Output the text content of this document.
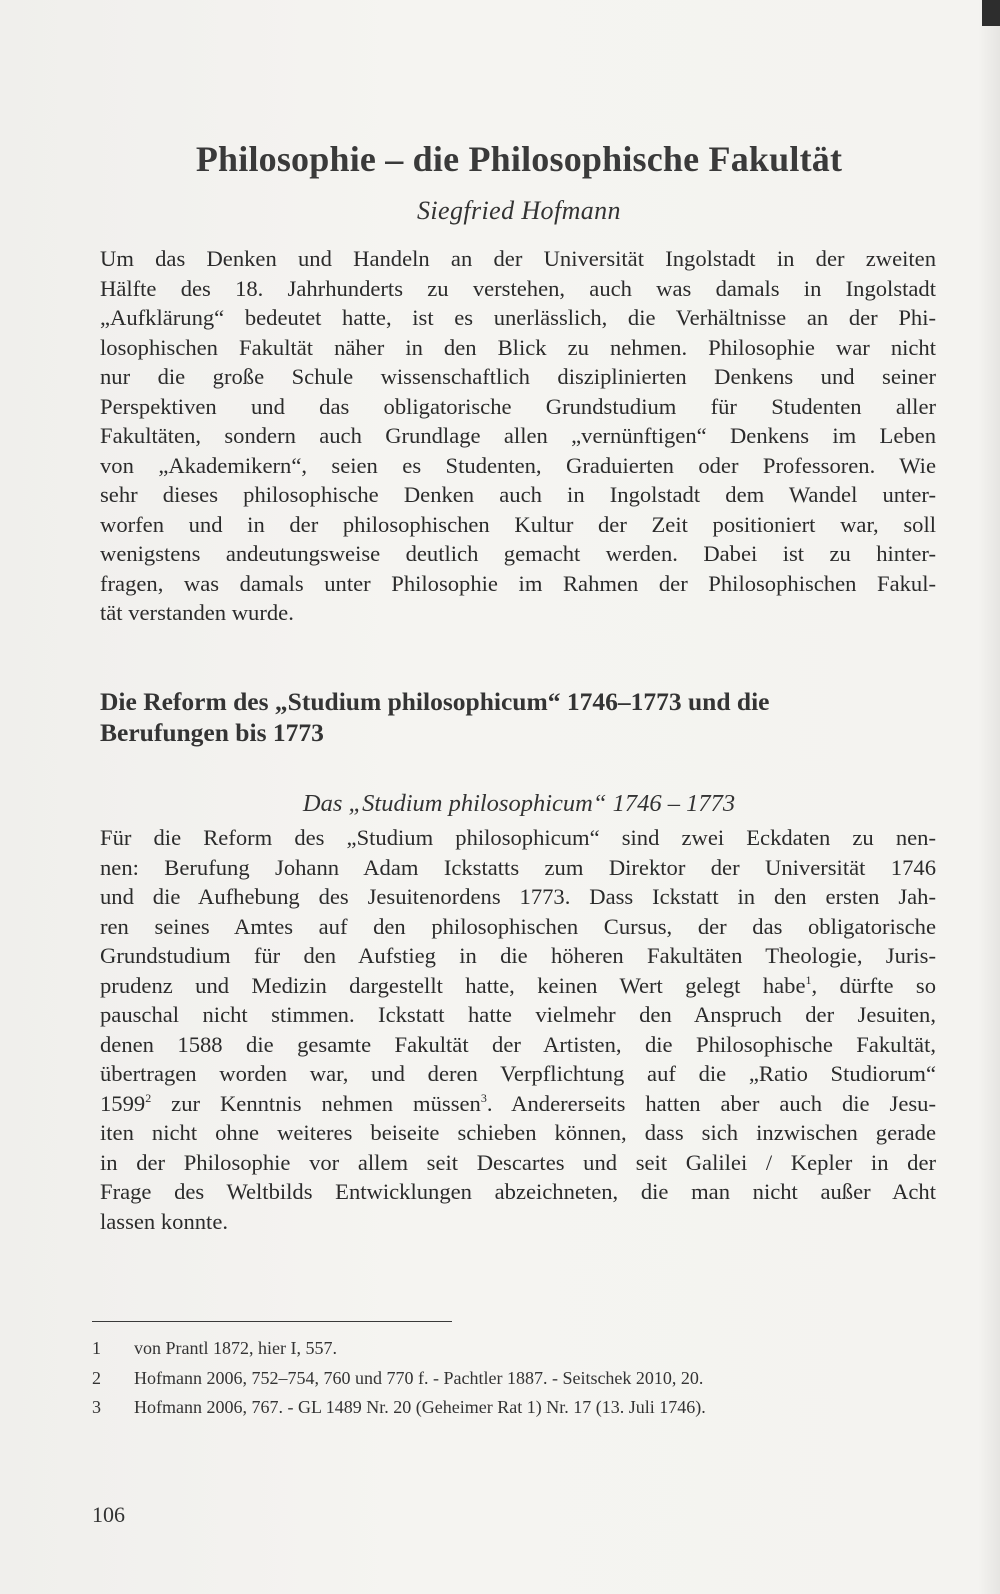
Philosophie – die Philosophische Fakultät
Siegfried Hofmann
Um das Denken und Handeln an der Universität Ingolstadt in der zweiten
Hälfte des 18. Jahrhunderts zu verstehen, auch was damals in Ingolstadt
„Aufklärung“ bedeutet hatte, ist es unerlässlich, die Verhältnisse an der Phi-
losophischen Fakultät näher in den Blick zu nehmen. Philosophie war nicht
nur die große Schule wissenschaftlich disziplinierten Denkens und seiner
Perspektiven und das obligatorische Grundstudium für Studenten aller
Fakultäten, sondern auch Grundlage allen „vernünftigen“ Denkens im Leben
von „Akademikern“, seien es Studenten, Graduierten oder Professoren. Wie
sehr dieses philosophische Denken auch in Ingolstadt dem Wandel unter-
worfen und in der philosophischen Kultur der Zeit positioniert war, soll
wenigstens andeutungsweise deutlich gemacht werden. Dabei ist zu hinter-
fragen, was damals unter Philosophie im Rahmen der Philosophischen Fakul-
tät verstanden wurde.
Die Reform des „Studium philosophicum“ 1746–1773 und die
Berufungen bis 1773
Das „Studium philosophicum“ 1746 – 1773
Für die Reform des „Studium philosophicum“ sind zwei Eckdaten zu nen-
nen: Berufung Johann Adam Ickstatts zum Direktor der Universität 1746
und die Aufhebung des Jesuitenordens 1773. Dass Ickstatt in den ersten Jah-
ren seines Amtes auf den philosophischen Cursus, der das obligatorische
Grundstudium für den Aufstieg in die höheren Fakultäten Theologie, Juris-
prudenz und Medizin dargestellt hatte, keinen Wert gelegt habe$^1$, dürfte so
pauschal nicht stimmen. Ickstatt hatte vielmehr den Anspruch der Jesuiten,
denen 1588 die gesamte Fakultät der Artisten, die Philosophische Fakultät,
übertragen worden war, und deren Verpflichtung auf die „Ratio Studiorum“
1599$^2$ zur Kenntnis nehmen müssen$^3$. Andererseits hatten aber auch die Jesu-
iten nicht ohne weiteres beiseite schieben können, dass sich inzwischen gerade
in der Philosophie vor allem seit Descartes und seit Galilei / Kepler in der
Frage des Weltbilds Entwicklungen abzeichneten, die man nicht außer Acht
lassen konnte.
1 von Prantl 1872, hier I, 557.
2 Hofmann 2006, 752–754, 760 und 770 f. - Pachtler 1887. - Seitschek 2010, 20.
3 Hofmann 2006, 767. - GL 1489 Nr. 20 (Geheimer Rat 1) Nr. 17 (13. Juli 1746).
106
